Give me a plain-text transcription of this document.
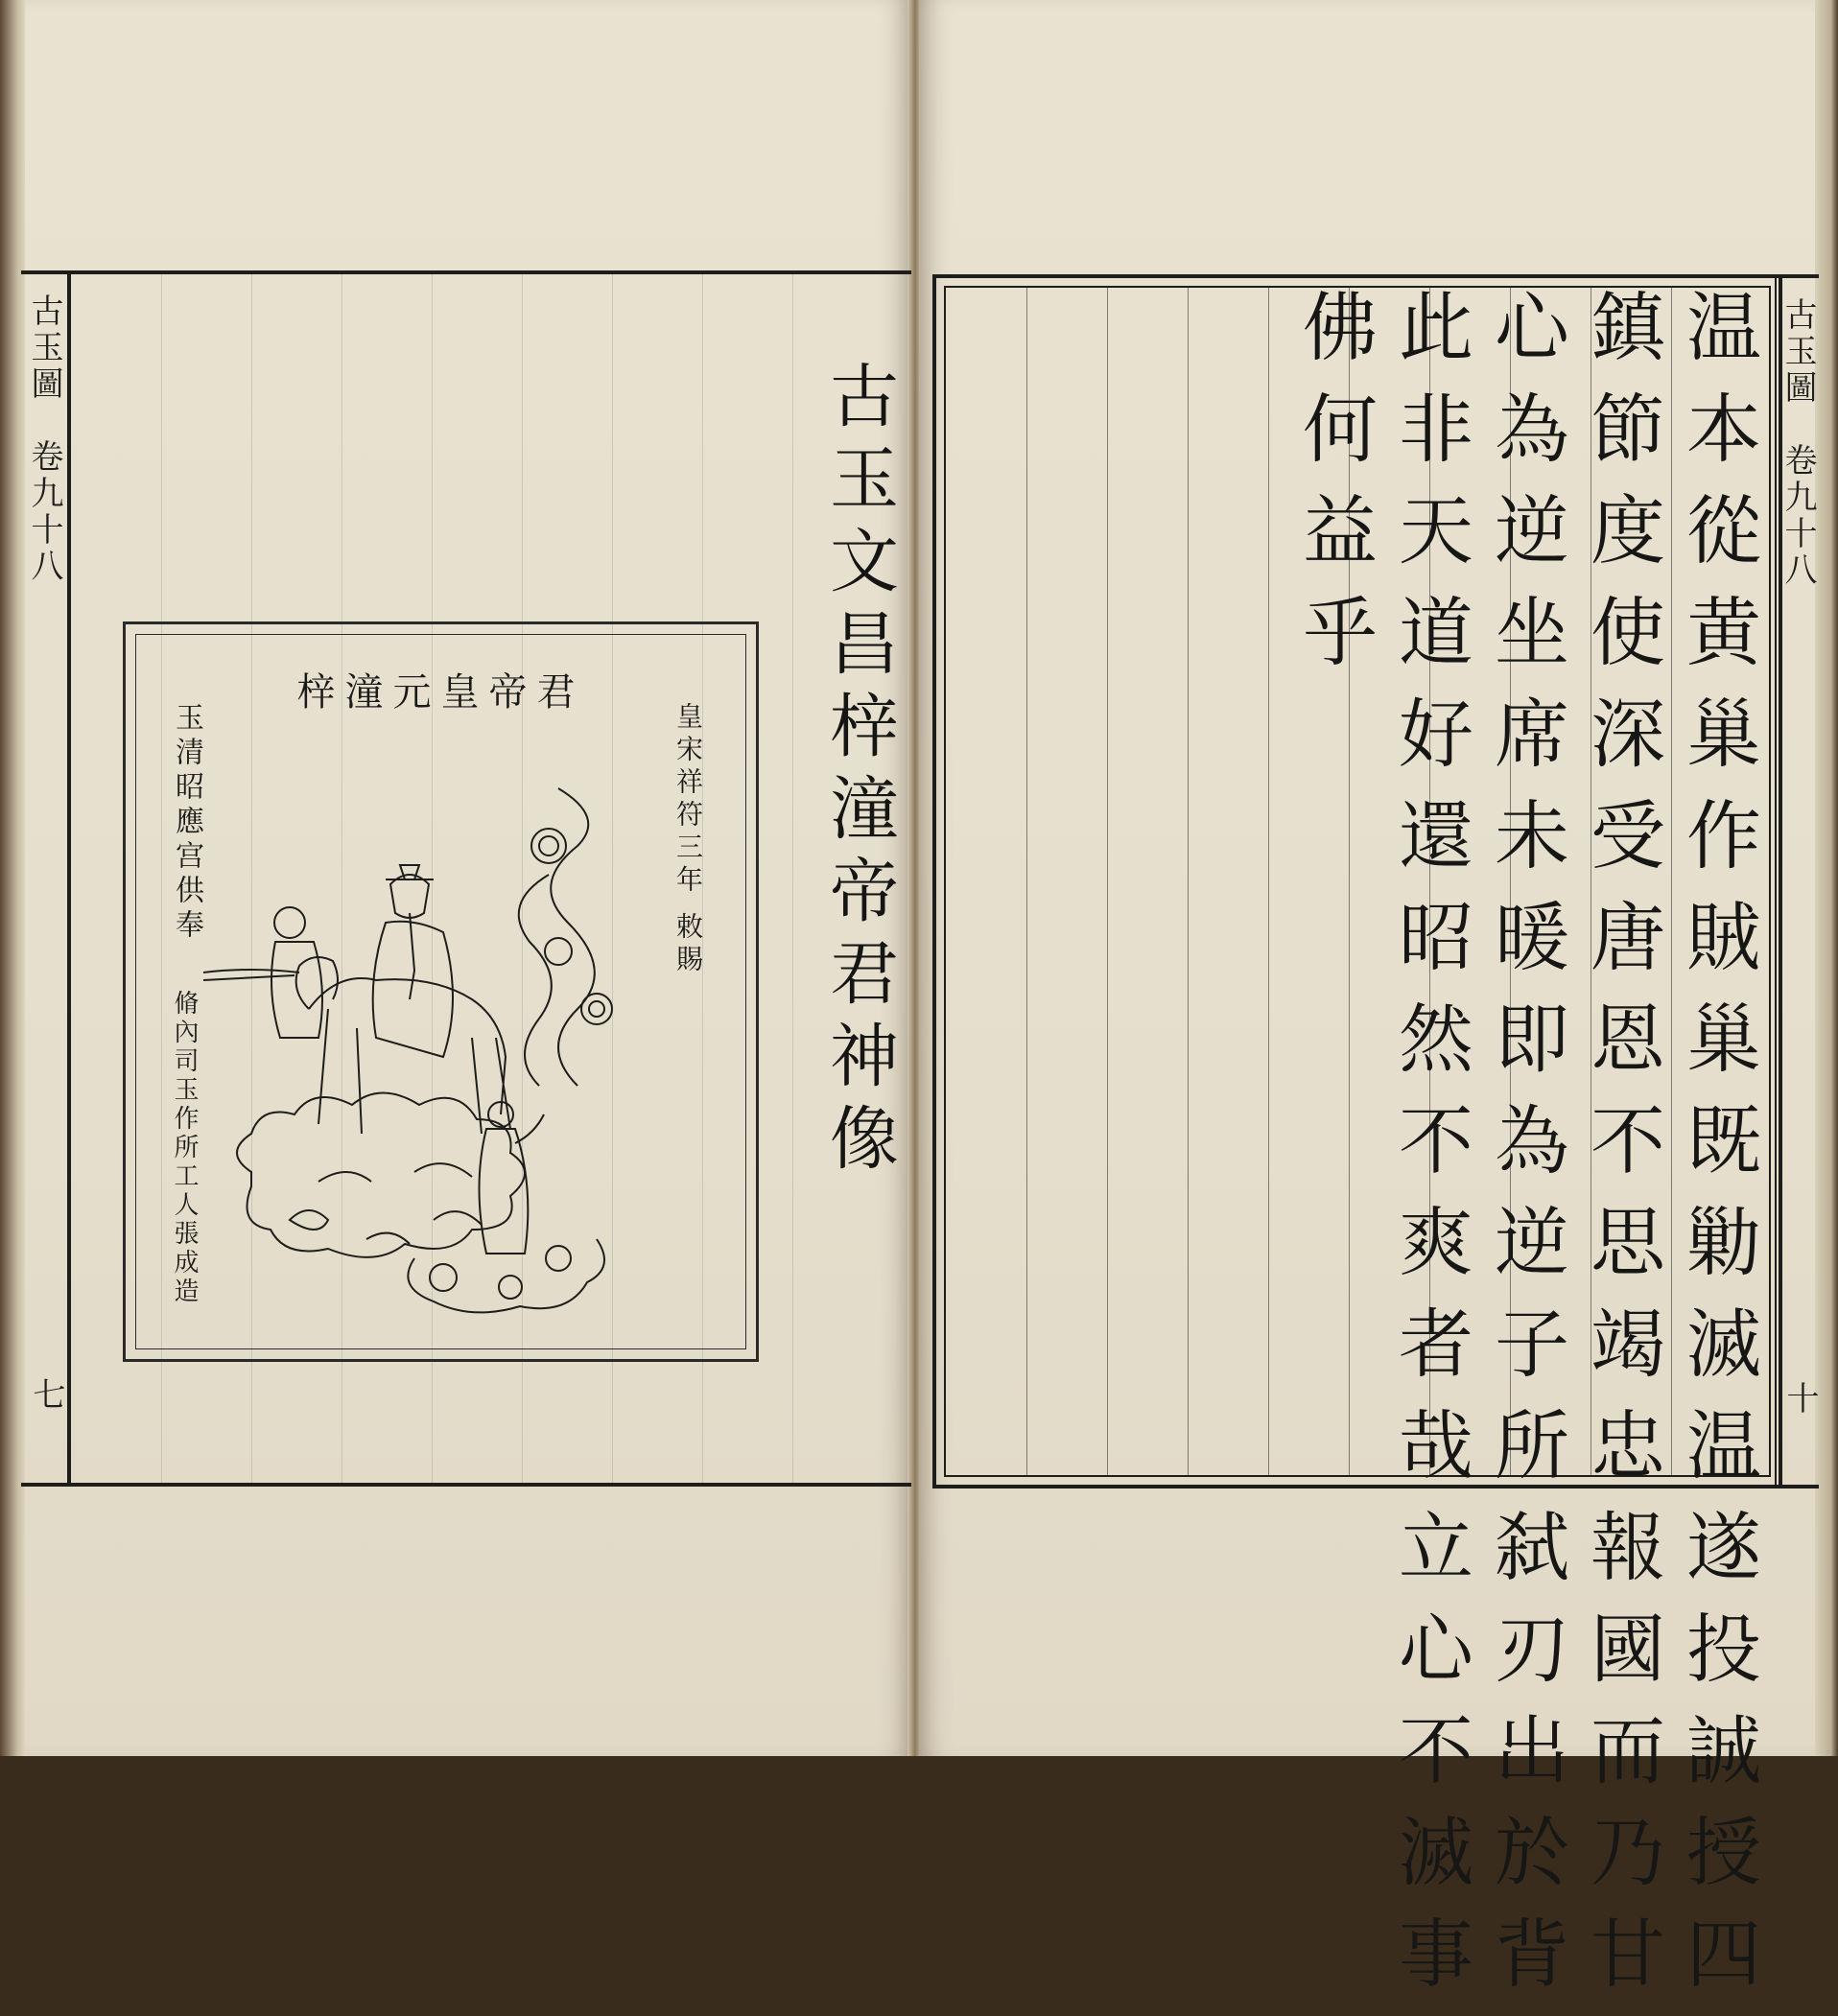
古玉圖　卷九十八
七
古玉文昌梓潼帝君神像
梓潼元皇帝君
皇宋祥符三年 敕賜
玉清昭應宫供奉
脩內司玉作所工人張成造	温本從黄巢作賊巢既勦滅温遂投誠授四
鎮節度使深受唐恩不思竭忠報國而乃甘
心為逆坐席未暖即為逆子所弑刃出於背
此非天道好還昭然不爽者哉立心不滅事
佛何益乎	古玉圖　卷九十八
十
